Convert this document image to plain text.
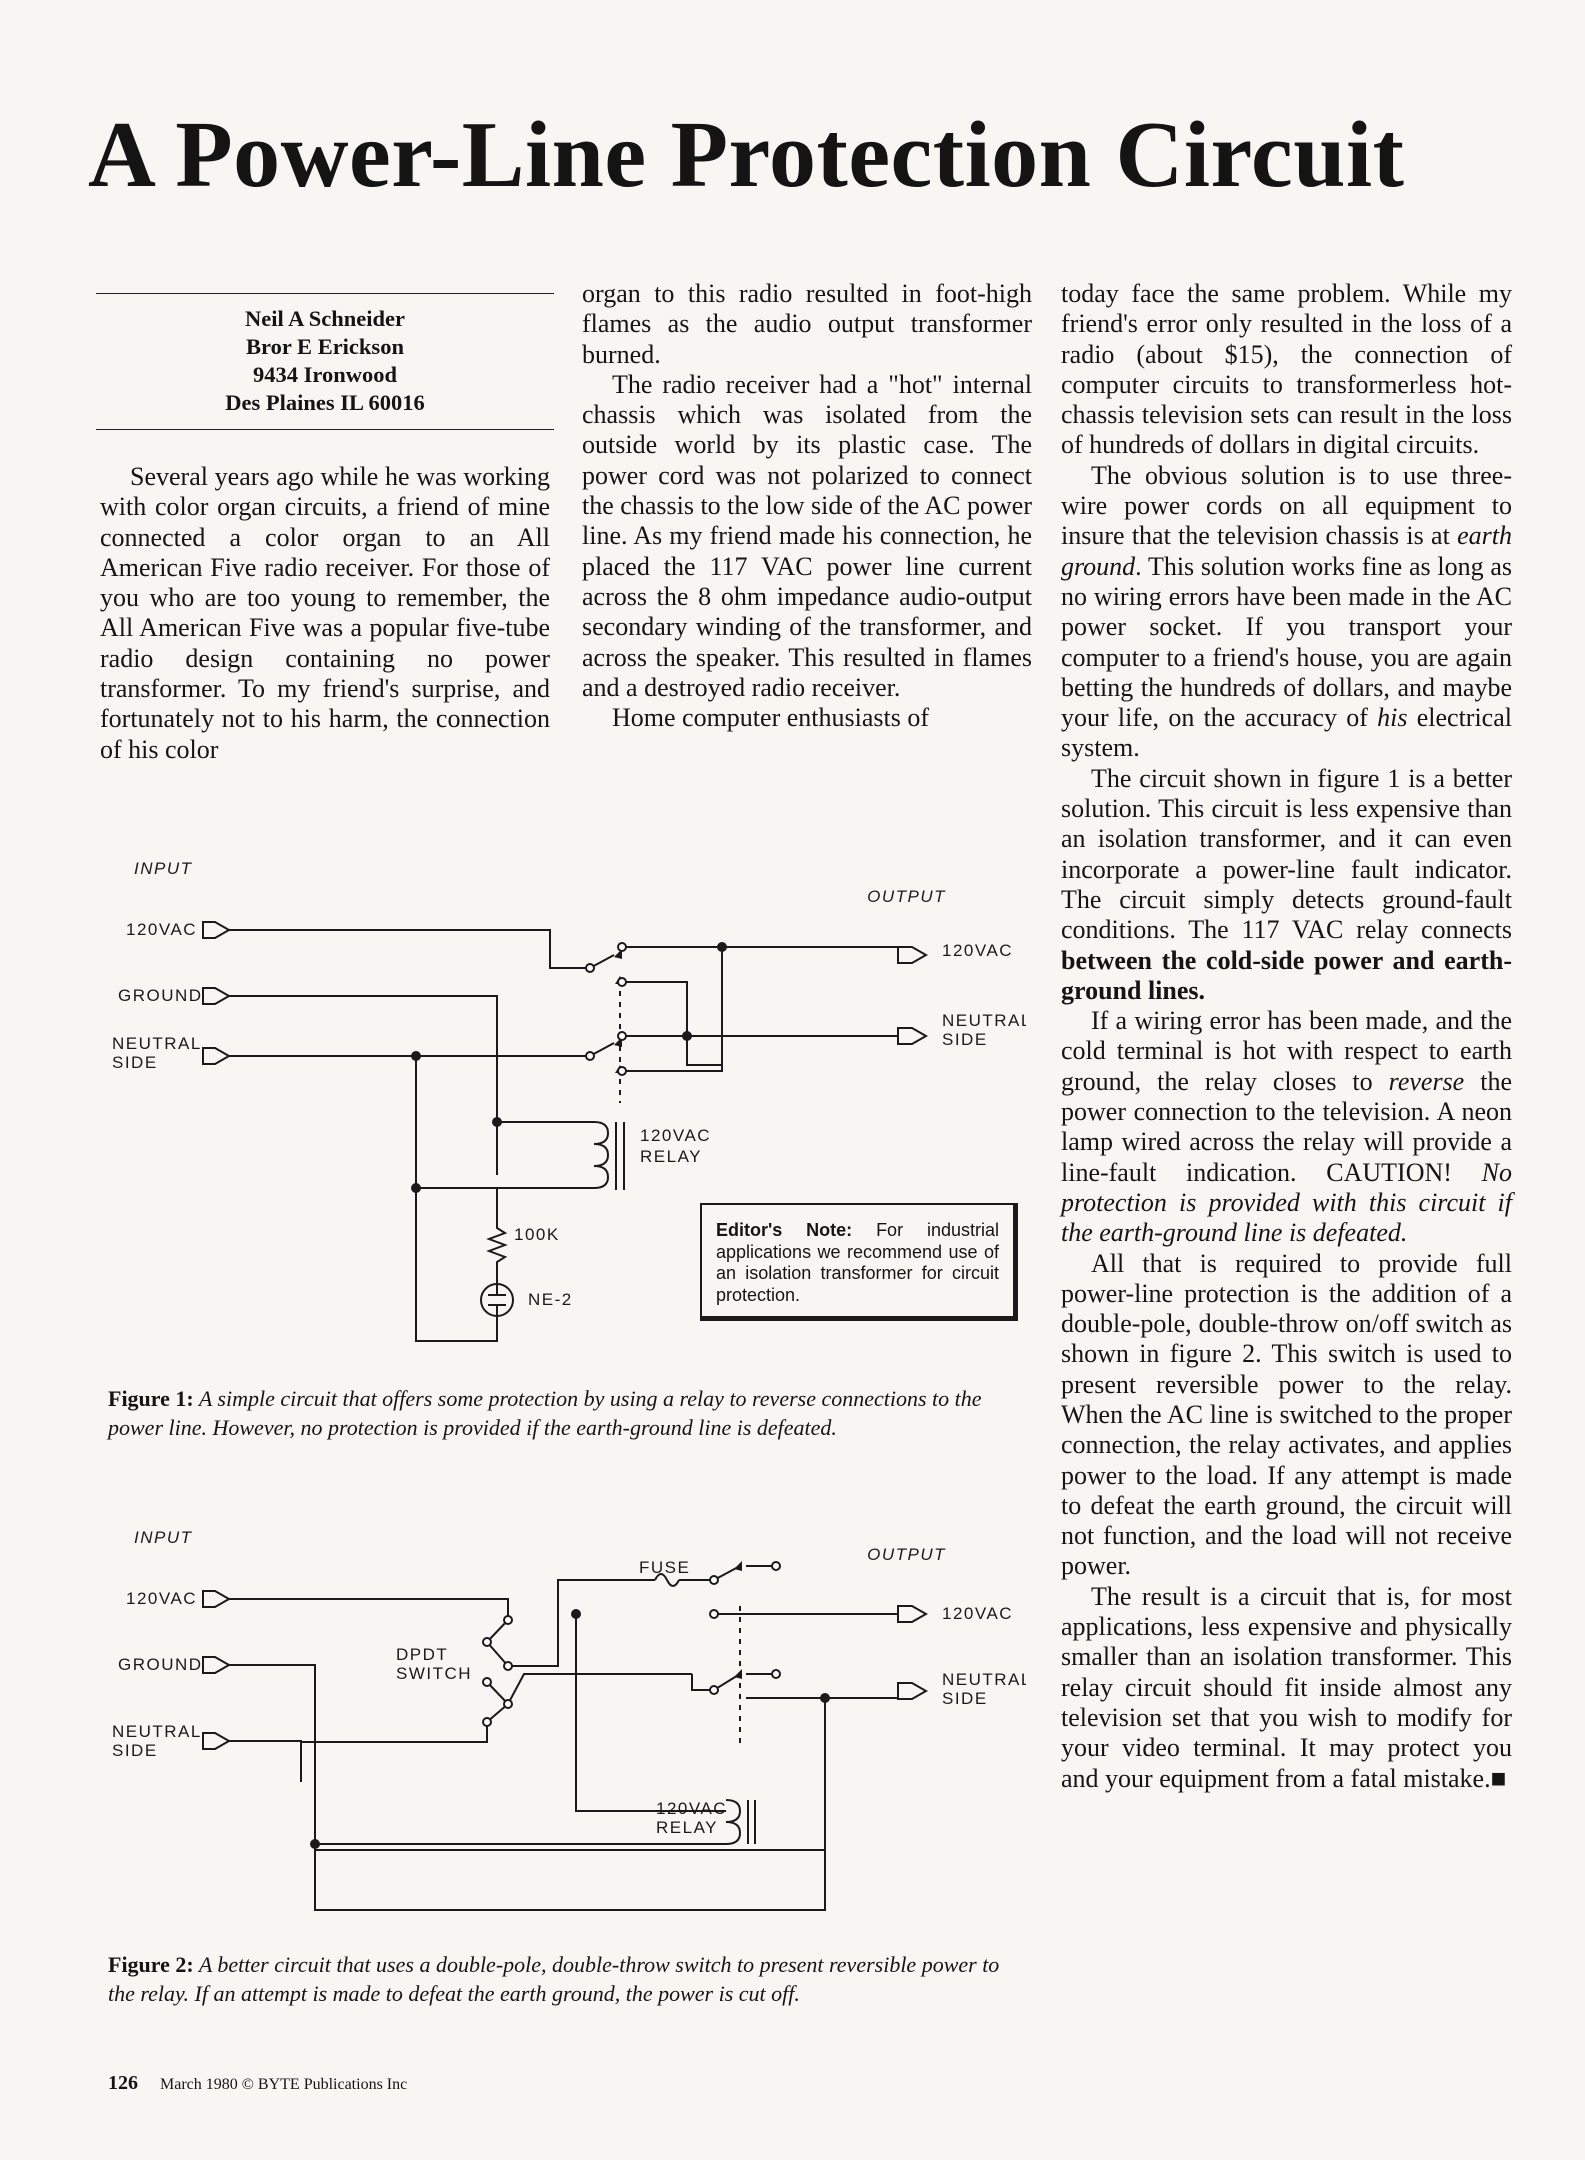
A Power-Line Protection Circuit
Neil A Schneider
Bror E Erickson
9434 Ironwood
Des Plaines IL 60016

Several years ago while he was working with color organ circuits, a friend of mine connected a color organ to an All American Five radio receiver. For those of you who are too young to remember, the All American Five was a popular five-tube radio design containing no power transformer. To my friend's surprise, and fortunately not to his harm, the connection of his color

organ to this radio resulted in foot-high flames as the audio output transformer burned.

The radio receiver had a "hot" internal chassis which was isolated from the outside world by its plastic case. The power cord was not polarized to connect the chassis to the low side of the AC power line. As my friend made his connection, he placed the 117 VAC power line current across the 8 ohm impedance audio-output secondary winding of the transformer, and across the speaker. This resulted in flames and a destroyed radio receiver.

Home computer enthusiasts of

today face the same problem. While my friend's error only resulted in the loss of a radio (about $15), the connection of computer circuits to transformerless hot-chassis television sets can result in the loss of hundreds of dollars in digital circuits.

The obvious solution is to use three-wire power cords on all equipment to insure that the television chassis is at earth ground. This solution works fine as long as no wiring errors have been made in the AC power socket. If you transport your computer to a friend's house, you are again betting the hundreds of dollars, and maybe your life, on the accuracy of his electrical system.

The circuit shown in figure 1 is a better solution. This circuit is less expensive than an isolation transformer, and it can even incorporate a power-line fault indicator. The circuit simply detects ground-fault conditions. The 117 VAC relay connects between the cold-side power and earth-ground lines.

If a wiring error has been made, and the cold terminal is hot with respect to earth ground, the relay closes to reverse the power connection to the television. A neon lamp wired across the relay will provide a line-fault indication. CAUTION! No protection is provided with this circuit if the earth-ground line is defeated.

All that is required to provide full power-line protection is the addition of a double-pole, double-throw on/off switch as shown in figure 2. This switch is used to present reversible power to the relay. When the AC line is switched to the proper connection, the relay activates, and applies power to the load. If any attempt is made to defeat the earth ground, the circuit will not function, and the load will not receive power.

The result is a circuit that is, for most applications, less expensive and physically smaller than an isolation transformer. This relay circuit should fit inside almost any television set that you wish to modify for your video terminal. It may protect you and your equipment from a fatal mistake.■

INPUT
120VAC
GROUND
NEUTRAL
SIDE
OUTPUT
120VAC
NEUTRAL
SIDE
120VAC
RELAY
100K
NE-2
Editor's Note: For industrial applications we recommend use of an isolation transformer for circuit protection.
Figure 1: A simple circuit that offers some protection by using a relay to reverse connections to the power line. However, no protection is provided if the earth-ground line is defeated.
INPUT
120VAC
GROUND
NEUTRAL
SIDE
OUTPUT
120VAC
NEUTRAL
SIDE
FUSE
DPDT
SWITCH
120VAC
RELAY
Figure 2: A better circuit that uses a double-pole, double-throw switch to present reversible power to the relay. If an attempt is made to defeat the earth ground, the power is cut off.
126 March 1980 © BYTE Publications Inc
